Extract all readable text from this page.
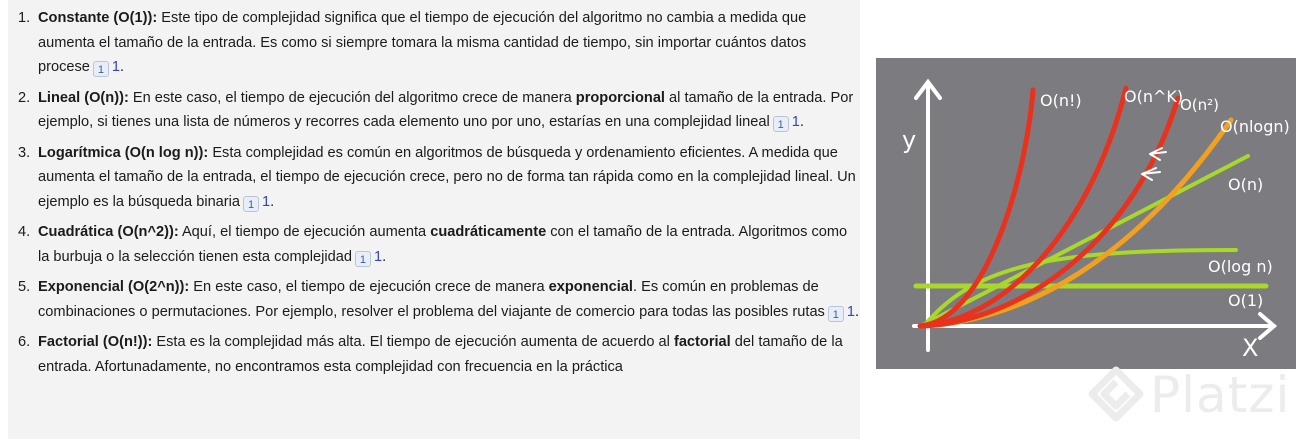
1. Constante (O(1)): Este tipo de complejidad significa que el tiempo de ejecución del algoritmo no cambia a medida que aumenta el tamaño de la entrada. Es como si siempre tomara la misma cantidad de tiempo, sin importar cuántos datos procese 1 1.
2. Lineal (O(n)): En este caso, el tiempo de ejecución del algoritmo crece de manera proporcional al tamaño de la entrada. Por ejemplo, si tienes una lista de números y recorres cada elemento uno por uno, estarías en una complejidad lineal 1 1.
3. Logarítmica (O(n log n)): Esta complejidad es común en algoritmos de búsqueda y ordenamiento eficientes. A medida que aumenta el tamaño de la entrada, el tiempo de ejecución crece, pero no de forma tan rápida como en la complejidad lineal. Un ejemplo es la búsqueda binaria 1 1.
4. Cuadrática (O(n^2)): Aquí, el tiempo de ejecución aumenta cuadráticamente con el tamaño de la entrada. Algoritmos como la burbuja o la selección tienen esta complejidad 1 1.
5. Exponencial (O(2^n)): En este caso, el tiempo de ejecución crece de manera exponencial. Es común en problemas de combinaciones o permutaciones. Por ejemplo, resolver el problema del viajante de comercio para todas las posibles rutas 1 1.
6. Factorial (O(n!)): Esta es la complejidad más alta. El tiempo de ejecución aumenta de acuerdo al factorial del tamaño de la entrada. Afortunadamente, no encontramos esta complejidad con frecuencia en la práctica
y
X
O(n!)	O(n^K)
O(n²)
O(nlogn)
O(n)
O(log n)
O(1)
Platzi
